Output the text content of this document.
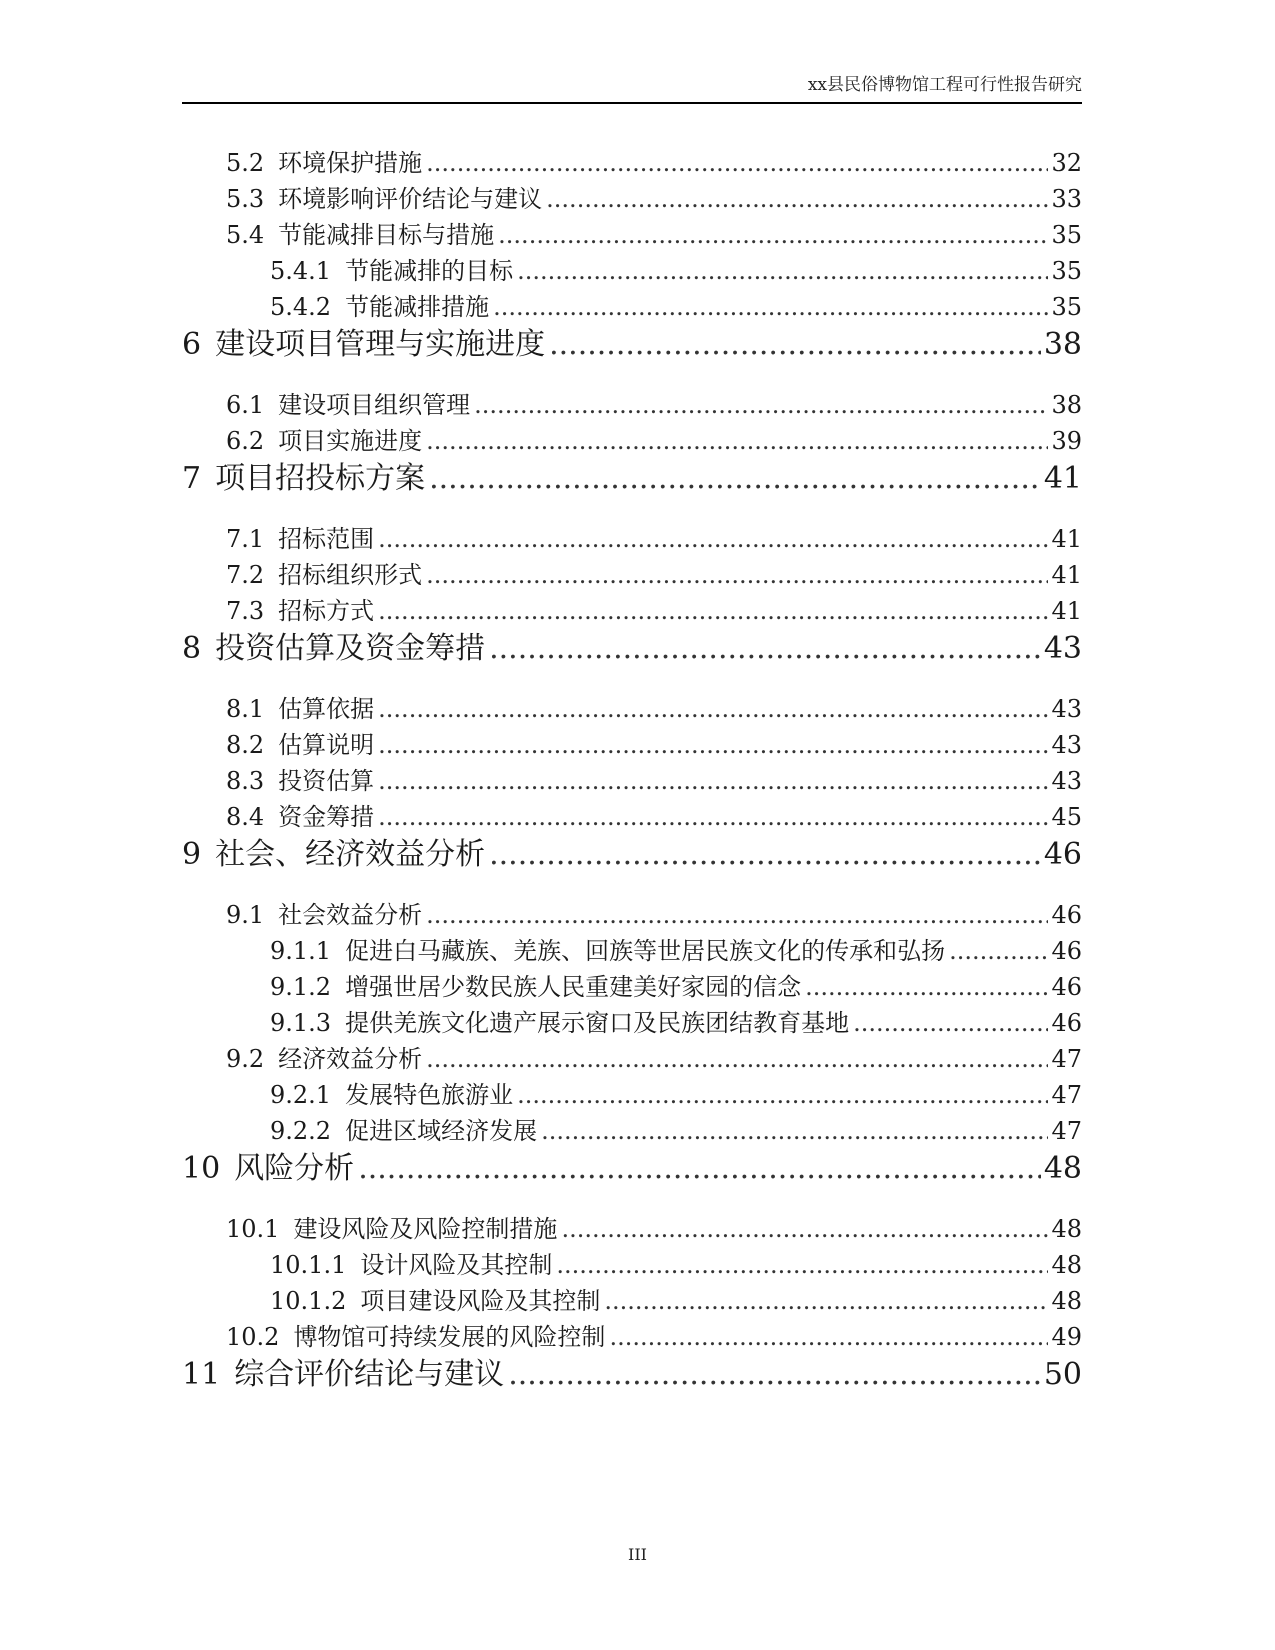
xx县民俗博物馆工程可行性报告研究
5.2 环境保护措施 .....	32
5.3 环境影响评价结论与建议 .....	33
5.4 节能减排目标与措施 .....	35
5.4.1 节能减排的目标 .....	35
5.4.2 节能减排措施 .....	35
6 建设项目管理与实施进度 .....	38
6.1 建设项目组织管理 .....	38
6.2 项目实施进度 .....	39
7 项目招投标方案 .....	41
7.1 招标范围 .....	41
7.2 招标组织形式 .....	41
7.3 招标方式 .....	41
8 投资估算及资金筹措 .....	43
8.1 估算依据 .....	43
8.2 估算说明 .....	43
8.3 投资估算 .....	43
8.4 资金筹措 .....	45
9 社会、经济效益分析 .....	46
9.1 社会效益分析 .....	46
9.1.1 促进白马藏族、羌族、回族等世居民族文化的传承和弘扬 .....	46
9.1.2 增强世居少数民族人民重建美好家园的信念 .....	46
9.1.3 提供羌族文化遗产展示窗口及民族团结教育基地 .....	46
9.2 经济效益分析 .....	47
9.2.1 发展特色旅游业 .....	47
9.2.2 促进区域经济发展 .....	47
10 风险分析 .....	48
10.1 建设风险及风险控制措施 .....	48
10.1.1 设计风险及其控制 .....	48
10.1.2 项目建设风险及其控制 .....	48
10.2 博物馆可持续发展的风险控制 .....	49
11 综合评价结论与建议 .....	50
III
